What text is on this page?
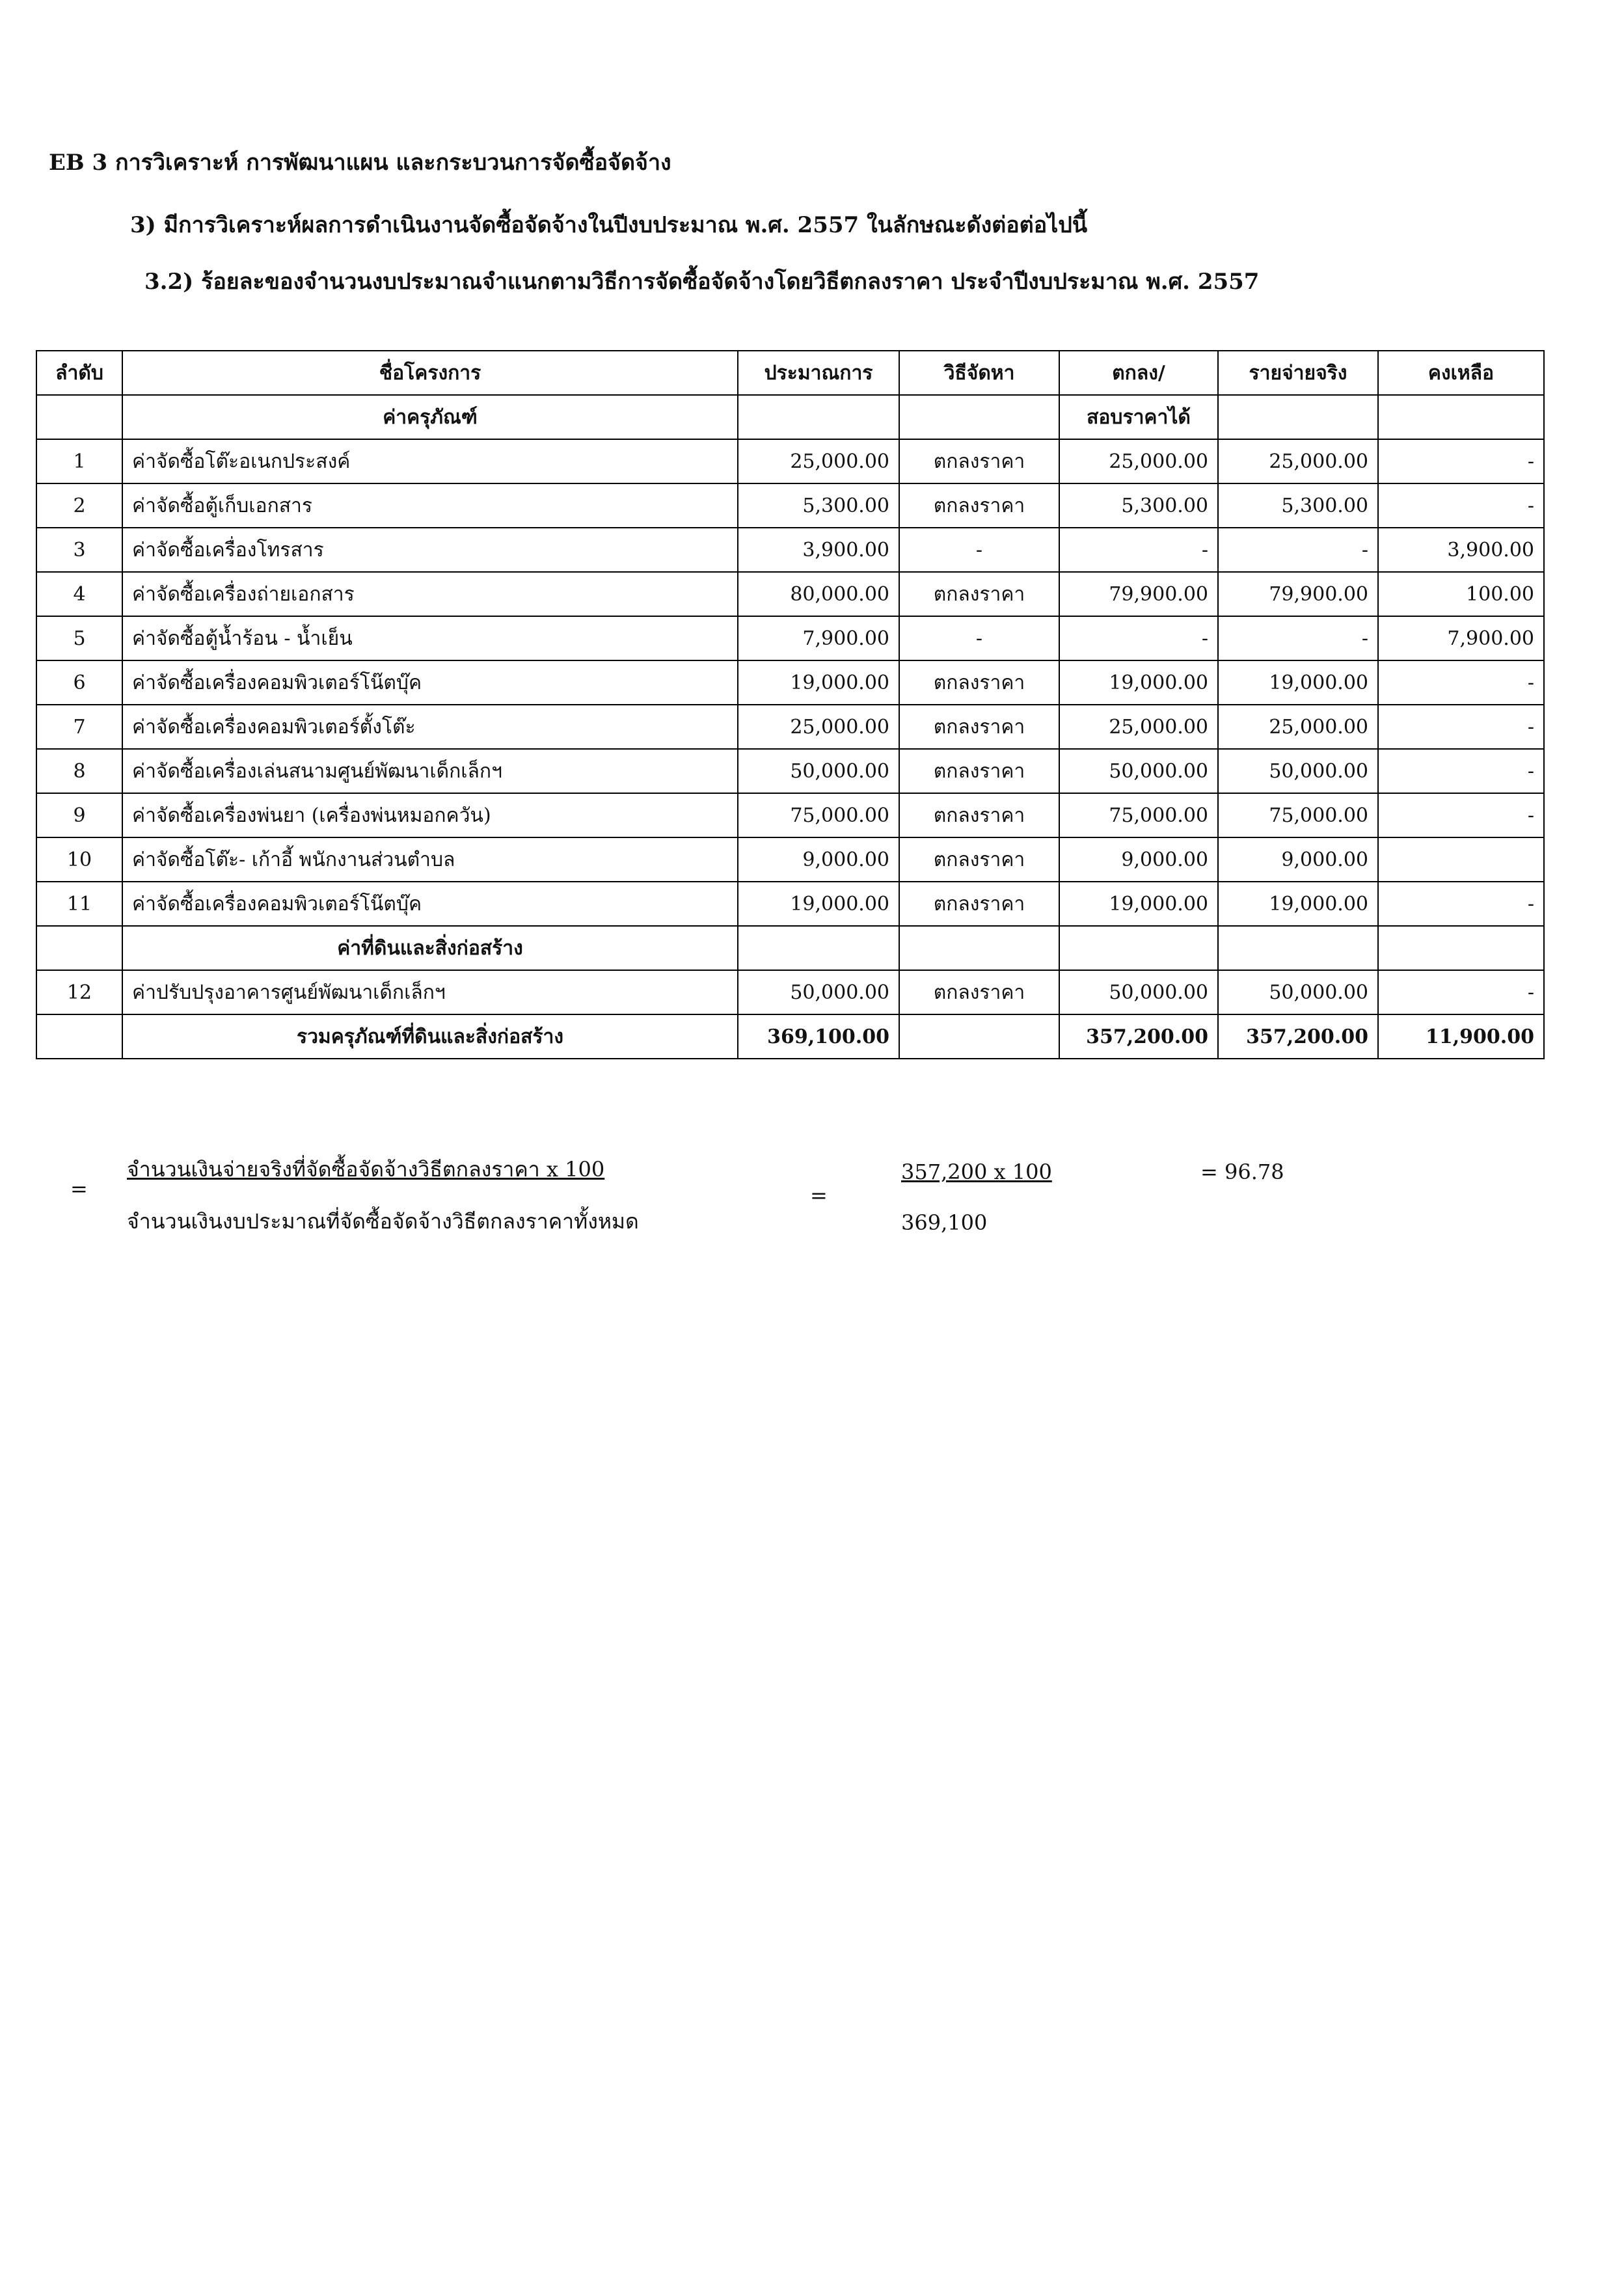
EB 3 การวิเคราะห์ การพัฒนาแผน และกระบวนการจัดซื้อจัดจ้าง
3) มีการวิเคราะห์ผลการดำเนินงานจัดซื้อจัดจ้างในปีงบประมาณ พ.ศ. 2557 ในลักษณะดังต่อต่อไปนี้
3.2) ร้อยละของจำนวนงบประมาณจำแนกตามวิธีการจัดซื้อจัดจ้างโดยวิธีตกลงราคา ประจำปีงบประมาณ พ.ศ. 2557
ลำดับ	ชื่อโครงการ	ประมาณการ	วิธีจัดหา	ตกลง/	รายจ่ายจริง	คงเหลือ
	ค่าครุภัณฑ์			สอบราคาได้		
1	ค่าจัดซื้อโต๊ะอเนกประสงค์	25,000.00	ตกลงราคา	25,000.00	25,000.00	-
2	ค่าจัดซื้อตู้เก็บเอกสาร	5,300.00	ตกลงราคา	5,300.00	5,300.00	-
3	ค่าจัดซื้อเครื่องโทรสาร	3,900.00	-	-	-	3,900.00
4	ค่าจัดซื้อเครื่องถ่ายเอกสาร	80,000.00	ตกลงราคา	79,900.00	79,900.00	100.00
5	ค่าจัดซื้อตู้น้ำร้อน - น้ำเย็น	7,900.00	-	-	-	7,900.00
6	ค่าจัดซื้อเครื่องคอมพิวเตอร์โน๊ตบุ๊ค	19,000.00	ตกลงราคา	19,000.00	19,000.00	-
7	ค่าจัดซื้อเครื่องคอมพิวเตอร์ตั้งโต๊ะ	25,000.00	ตกลงราคา	25,000.00	25,000.00	-
8	ค่าจัดซื้อเครื่องเล่นสนามศูนย์พัฒนาเด็กเล็กฯ	50,000.00	ตกลงราคา	50,000.00	50,000.00	-
9	ค่าจัดซื้อเครื่องพ่นยา (เครื่องพ่นหมอกควัน)	75,000.00	ตกลงราคา	75,000.00	75,000.00	-
10	ค่าจัดซื้อโต๊ะ- เก้าอี้ พนักงานส่วนตำบล	9,000.00	ตกลงราคา	9,000.00	9,000.00	
11	ค่าจัดซื้อเครื่องคอมพิวเตอร์โน๊ตบุ๊ค	19,000.00	ตกลงราคา	19,000.00	19,000.00	-
	ค่าที่ดินและสิ่งก่อสร้าง					
12	ค่าปรับปรุงอาคารศูนย์พัฒนาเด็กเล็กฯ	50,000.00	ตกลงราคา	50,000.00	50,000.00	-
	รวมครุภัณฑ์ที่ดินและสิ่งก่อสร้าง	369,100.00		357,200.00	357,200.00	11,900.00
=
จำนวนเงินจ่ายจริงที่จัดซื้อจัดจ้างวิธีตกลงราคา x 100
จำนวนเงินงบประมาณที่จัดซื้อจัดจ้างวิธีตกลงราคาทั้งหมด
=
357,200 x 100
369,100
= 96.78
